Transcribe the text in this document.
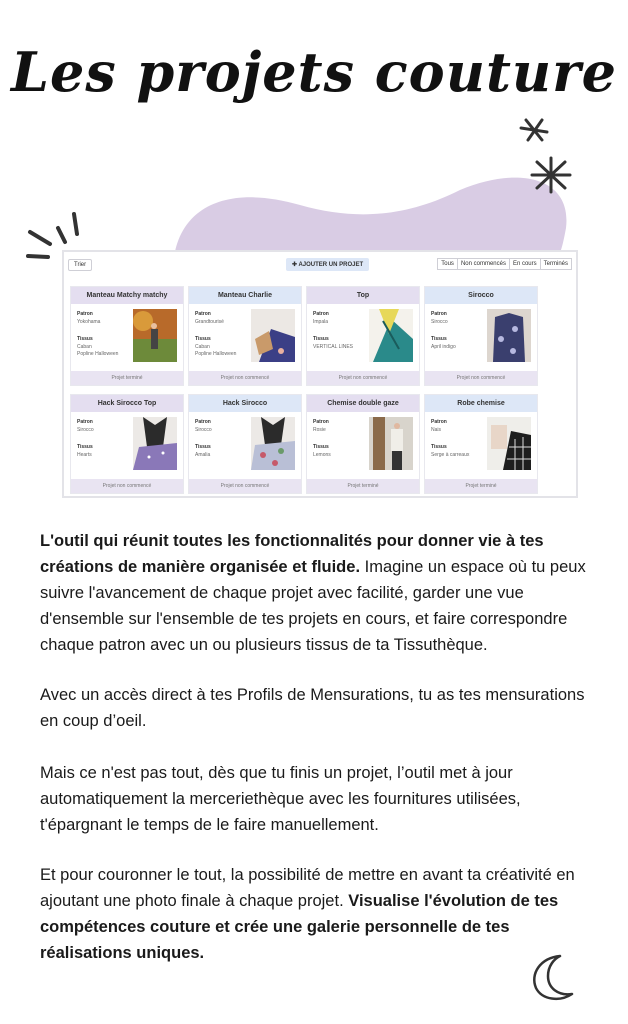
Les projets couture
Trier	✚ AJOUTER UN PROJET	Tous	Non commencés	En cours	Terminés
Manteau Matchy matchy
Patron
Yokohama
Tissus
Caban
Popline Halloween
Projet terminé
Manteau Charlie
Patron
Grandtourisé
Tissus
Caban
Popline Halloween
Projet non commencé
Top
Patron
Impala
Tissus
VERTICAL LINES
Projet non commencé
Sirocco
Patron
Sirocco
Tissus
April indigo
Projet non commencé
Hack Sirocco Top
Patron
Sirocco
Tissus
Hearts
Projet non commencé
Hack Sirocco
Patron
Sirocco
Tissus
Amalia
Projet non commencé
Chemise double gaze
Patron
Rosie
Tissus
Lemons
Projet terminé
Robe chemise
Patron
Nais
Tissus
Serge à carreaux
Projet terminé

L'outil qui réunit toutes les fonctionnalités pour donner vie à tes créations de manière organisée et fluide. Imagine un espace où tu peux suivre l'avancement de chaque projet avec facilité, garder une vue d'ensemble sur l'ensemble de tes projets en cours, et faire correspondre chaque patron avec un ou plusieurs tissus de ta Tissuthèque.

Avec un accès direct à tes Profils de Mensurations, tu as tes mensurations en coup d’oeil.

Mais ce n'est pas tout, dès que tu finis un projet, l’outil met à jour automatiquement la merceriethèque avec les fournitures utilisées, t'épargnant le temps de le faire manuellement.

Et pour couronner le tout, la possibilité de mettre en avant ta créativité en ajoutant une photo finale à chaque projet. Visualise l'évolution de tes compétences couture et crée une galerie personnelle de tes réalisations uniques.
